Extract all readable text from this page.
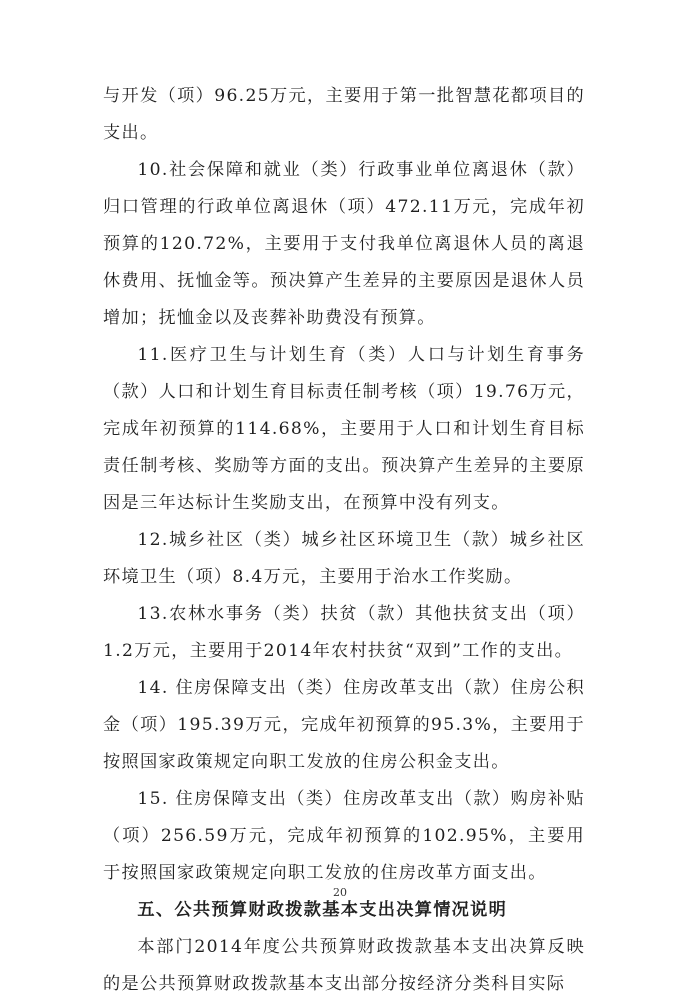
与开发（项）96.25万元，主要用于第一批智慧花都项目的支出。

10.社会保障和就业（类）行政事业单位离退休（款）归口管理的行政单位离退休（项）472.11万元，完成年初预算的120.72%，主要用于支付我单位离退休人员的离退休费用、抚恤金等。预决算产生差异的主要原因是退休人员增加；抚恤金以及丧葬补助费没有预算。

11.医疗卫生与计划生育（类）人口与计划生育事务（款）人口和计划生育目标责任制考核（项）19.76万元，完成年初预算的114.68%，主要用于人口和计划生育目标责任制考核、奖励等方面的支出。预决算产生差异的主要原因是三年达标计生奖励支出，在预算中没有列支。

12.城乡社区（类）城乡社区环境卫生（款）城乡社区环境卫生（项）8.4万元，主要用于治水工作奖励。

13.农林水事务（类）扶贫（款）其他扶贫支出（项）1.2万元，主要用于2014年农村扶贫“双到”工作的支出。

14. 住房保障支出（类）住房改革支出（款）住房公积金（项）195.39万元，完成年初预算的95.3%，主要用于按照国家政策规定向职工发放的住房公积金支出。

15. 住房保障支出（类）住房改革支出（款）购房补贴（项）256.59万元，完成年初预算的102.95%，主要用于按照国家政策规定向职工发放的住房改革方面支出。

五、公共预算财政拨款基本支出决算情况说明

本部门2014年度公共预算财政拨款基本支出决算反映的是公共预算财政拨款基本支出部分按经济分类科目实际

20
